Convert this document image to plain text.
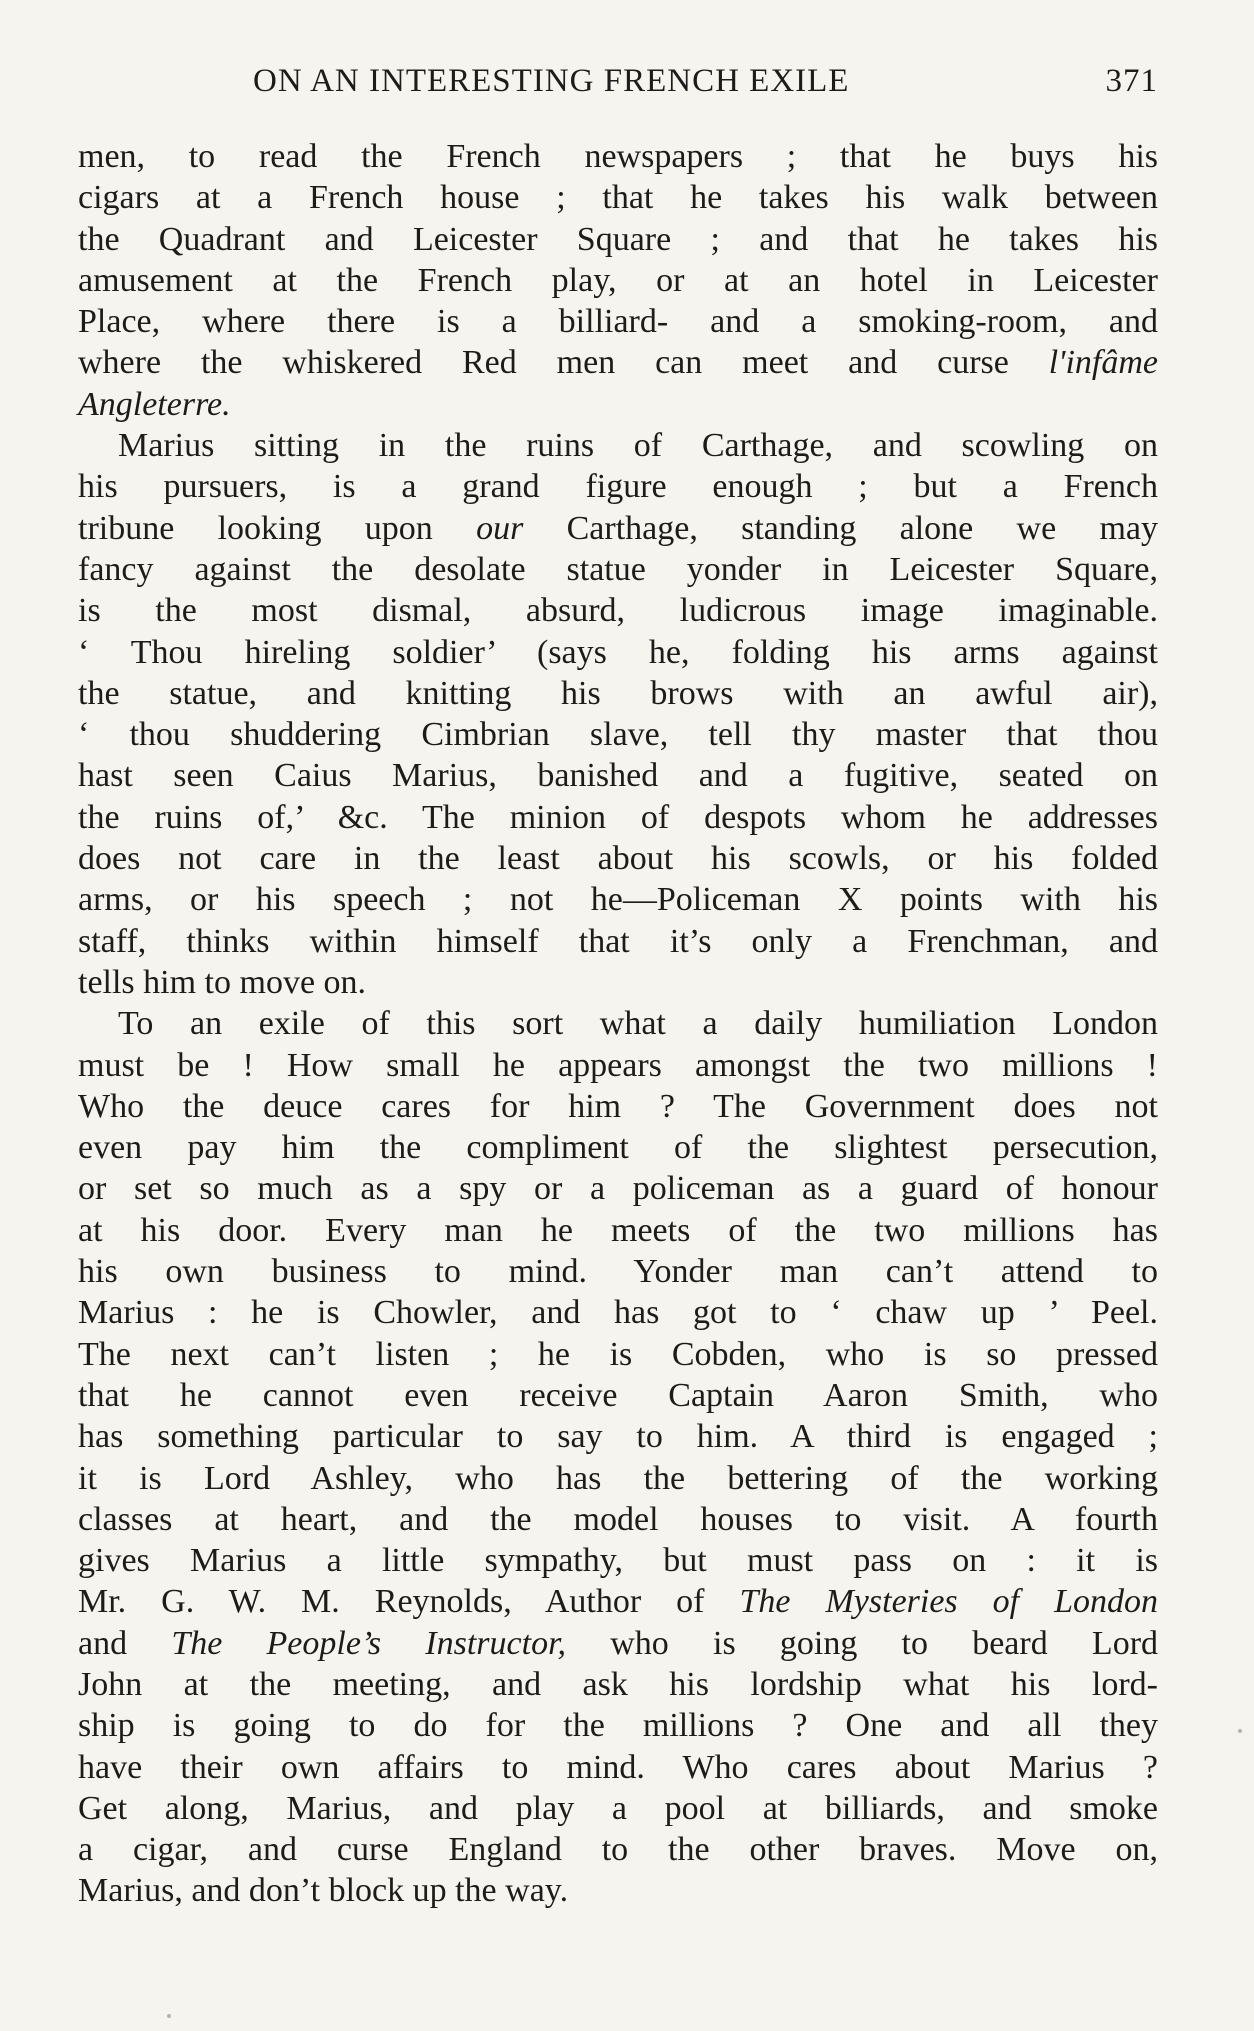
ON AN INTERESTING FRENCH EXILE	371
men, to read the French newspapers ; that he buys his
cigars at a French house ; that he takes his walk between
the Quadrant and Leicester Square ; and that he takes his
amusement at the French play, or at an hotel in Leicester
Place, where there is a billiard- and a smoking-room, and
where the whiskered Red men can meet and curse l'infâme
Angleterre.
Marius sitting in the ruins of Carthage, and scowling on
his pursuers, is a grand figure enough ; but a French
tribune looking upon our Carthage, standing alone we may
fancy against the desolate statue yonder in Leicester Square,
is the most dismal, absurd, ludicrous image imaginable.
‘ Thou hireling soldier’ (says he, folding his arms against
the statue, and knitting his brows with an awful air),
‘ thou shuddering Cimbrian slave, tell thy master that thou
hast seen Caius Marius, banished and a fugitive, seated on
the ruins of,’ &c. The minion of despots whom he addresses
does not care in the least about his scowls, or his folded
arms, or his speech ; not he—Policeman X points with his
staff, thinks within himself that it’s only a Frenchman, and
tells him to move on.
To an exile of this sort what a daily humiliation London
must be ! How small he appears amongst the two millions !
Who the deuce cares for him ? The Government does not
even pay him the compliment of the slightest persecution,
or set so much as a spy or a policeman as a guard of honour
at his door. Every man he meets of the two millions has
his own business to mind. Yonder man can’t attend to
Marius : he is Chowler, and has got to ‘ chaw up ’ Peel.
The next can’t listen ; he is Cobden, who is so pressed
that he cannot even receive Captain Aaron Smith, who
has something particular to say to him. A third is engaged ;
it is Lord Ashley, who has the bettering of the working
classes at heart, and the model houses to visit. A fourth
gives Marius a little sympathy, but must pass on : it is
Mr. G. W. M. Reynolds, Author of The Mysteries of London
and The People’s Instructor, who is going to beard Lord
John at the meeting, and ask his lordship what his lord-
ship is going to do for the millions ? One and all they
have their own affairs to mind. Who cares about Marius ?
Get along, Marius, and play a pool at billiards, and smoke
a cigar, and curse England to the other braves. Move on,
Marius, and don’t block up the way.
